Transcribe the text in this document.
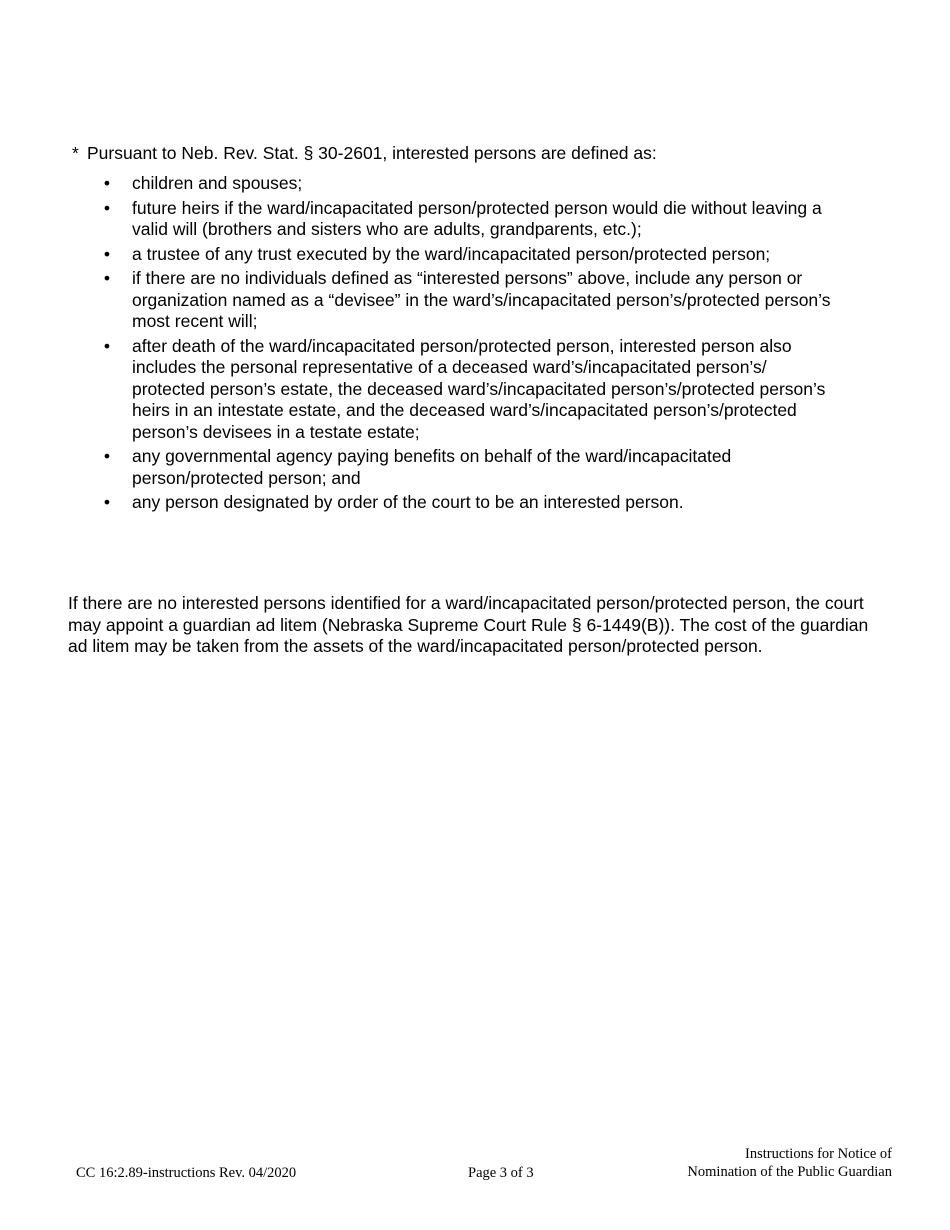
* Pursuant to Neb. Rev. Stat. § 30-2601, interested persons are defined as:

• children and spouses;
• future heirs if the ward/incapacitated person/protected person would die without leaving a valid will (brothers and sisters who are adults, grandparents, etc.);
• a trustee of any trust executed by the ward/incapacitated person/protected person;
• if there are no individuals defined as “interested persons” above, include any person or organization named as a “devisee” in the ward’s/incapacitated person’s/protected person’s most recent will;
• after death of the ward/incapacitated person/protected person, interested person also includes the personal representative of a deceased ward’s/incapacitated person’s/ protected person’s estate, the deceased ward’s/incapacitated person’s/protected person’s heirs in an intestate estate, and the deceased ward’s/incapacitated person’s/protected person’s devisees in a testate estate;
• any governmental agency paying benefits on behalf of the ward/incapacitated person/protected person; and
• any person designated by order of the court to be an interested person.

If there are no interested persons identified for a ward/incapacitated person/protected person, the court may appoint a guardian ad litem (Nebraska Supreme Court Rule § 6-1449(B)). The cost of the guardian ad litem may be taken from the assets of the ward/incapacitated person/protected person.

CC 16:2.89-instructions Rev. 04/2020	Page 3 of 3
Instructions for Notice of
Nomination of the Public Guardian
